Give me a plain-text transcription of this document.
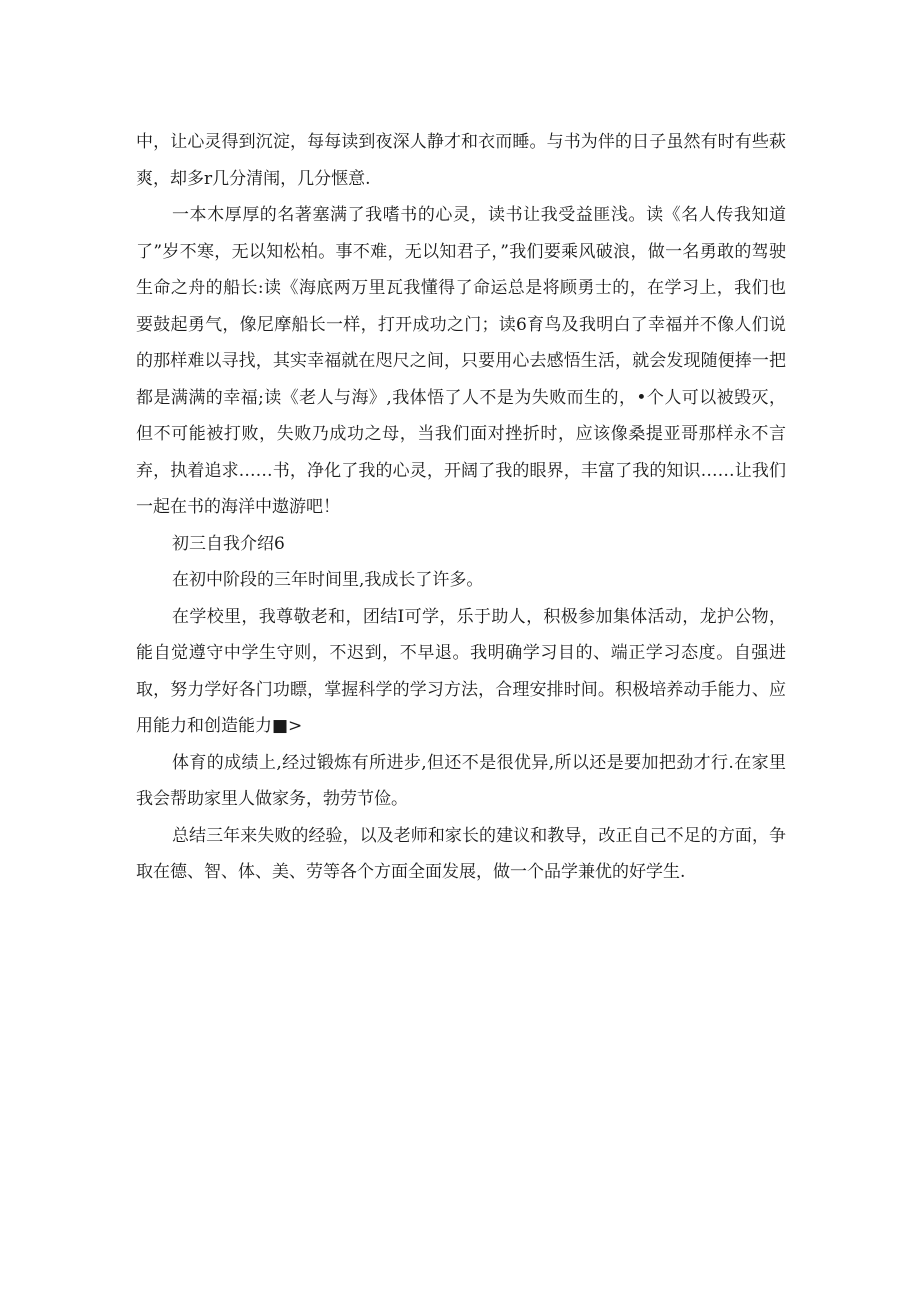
中，让心灵得到沉淀，每每读到夜深人静才和衣而睡。与书为伴的日子虽然有时有些萩爽，却多r几分清闱，几分惬意.

一本木厚厚的名著塞满了我嗜书的心灵，读书让我受益匪浅。读《名人传我知道了”岁不寒，无以知松柏。事不难，无以知君子，”我们要乘风破浪，做一名勇敢的驾驶生命之舟的船长:读《海底两万里瓦我懂得了命运总是将顾勇士的，在学习上，我们也要鼓起勇气，像尼摩船长一样，打开成功之门；读6育鸟及我明白了幸福并不像人们说的那样难以寻找，其实幸福就在咫尺之间，只要用心去感悟生活，就会发现随便捧一把都是满满的幸福;读《老人与海》,我体悟了人不是为失败而生的，•个人可以被毁灭，但不可能被打败，失败乃成功之母，当我们面对挫折时，应该像桑提亚哥那样永不言弃，执着追求……书，净化了我的心灵，开阔了我的眼界，丰富了我的知识……让我们一起在书的海洋中遨游吧！

初三自我介绍6

在初中阶段的三年时间里,我成长了许多。

在学校里，我尊敬老和，团结I可学，乐于助人，积极参加集体活动，龙护公物，能自觉遵守中学生守则，不迟到，不早退。我明确学习目的、端正学习态度。自强进取，努力学好各门功瞟，掌握科学的学习方法，合理安排时间。积极培养动手能力、应用能力和创造能力■>

体育的成绩上,经过锻炼有所进步,但还不是很优异,所以还是要加把劲才行.在家里我会帮助家里人做家务，勃劳节俭。

总结三年来失败的经验，以及老师和家长的建议和教导，改正自己不足的方面，争取在德、智、体、美、劳等各个方面全面发展，做一个品学兼优的好学生.
